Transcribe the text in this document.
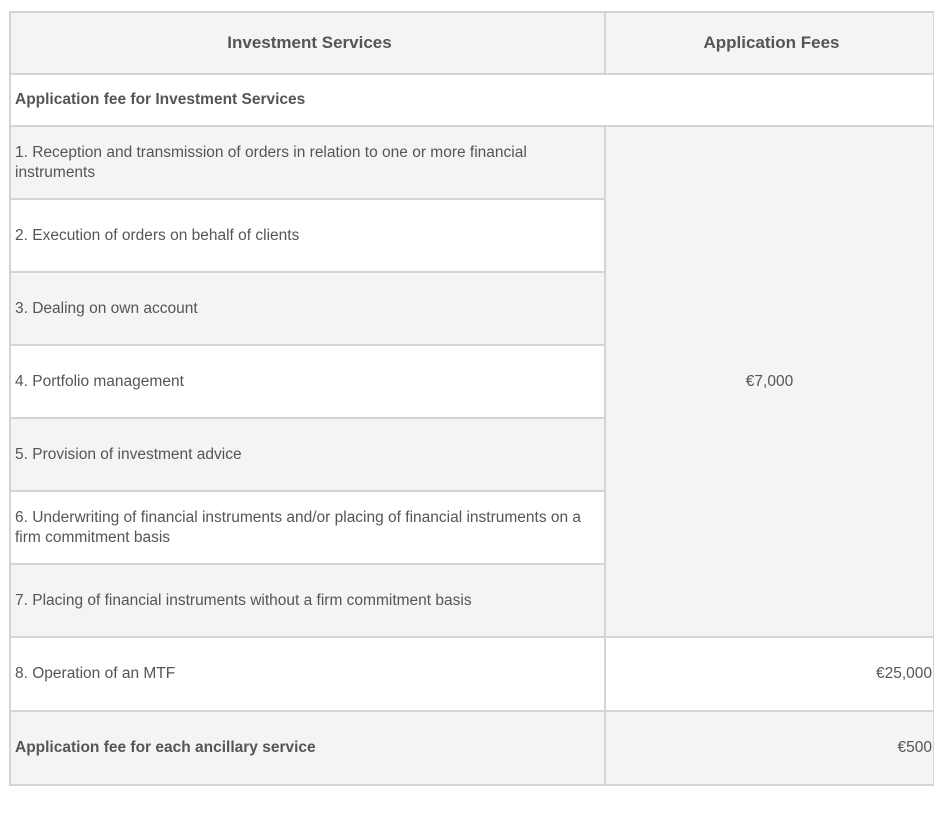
Investment Services	Application Fees
Application fee for Investment Services	
1. Reception and transmission of orders in relation to one or more financial instruments	€7,000
2. Execution of orders on behalf of clients	
3. Dealing on own account	
4. Portfolio management	
5. Provision of investment advice	
6. Underwriting of financial instruments and/or placing of financial instruments on a firm commitment basis	
7. Placing of financial instruments without a firm commitment basis	
8. Operation of an MTF	€25,000
Application fee for each ancillary service	€500
